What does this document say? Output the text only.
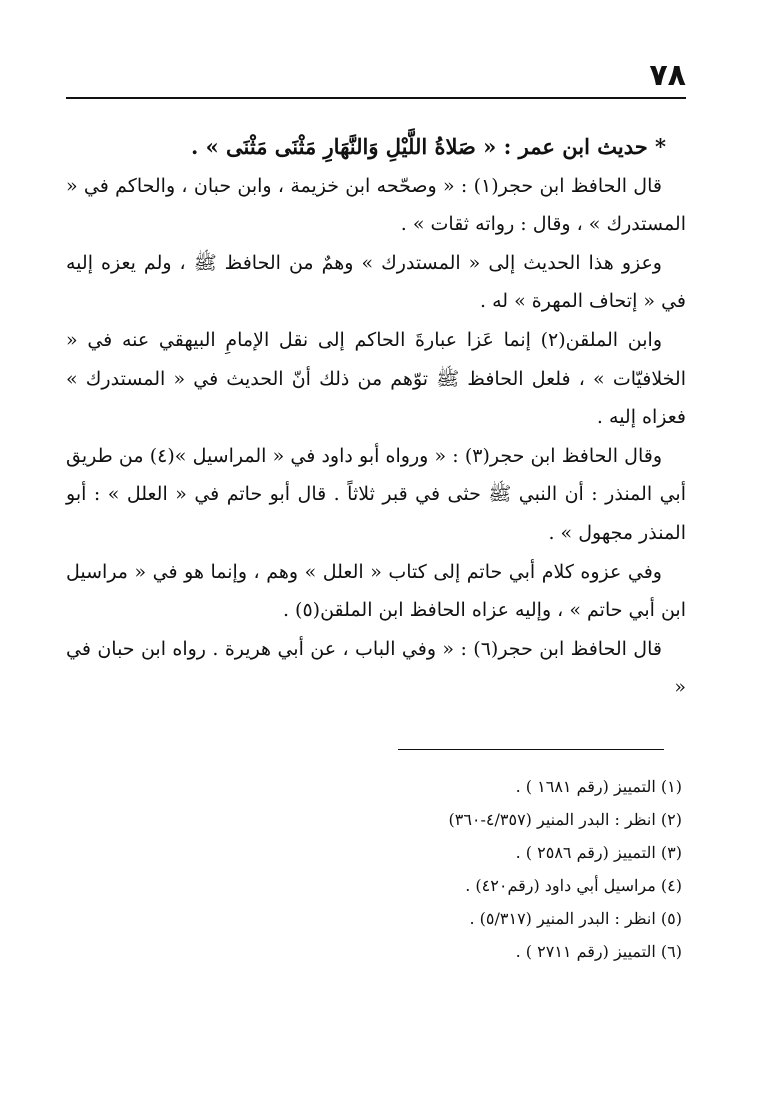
٧٨

* حديث ابن عمر : « صَلاةُ اللَّيْلِ وَالنَّهَارِ مَثْنَى مَثْنَى » .

قال الحافظ ابن حجر(١) : « وصحّحه ابن خزيمة ، وابن حبان ، والحاكم في « المستدرك » ، وقال : رواته ثقات » .

وعزو هذا الحديث إلى « المستدرك » وهمٌ من الحافظ ﷺ ، ولم يعزه إليه في « إتحاف المهرة » له .

وابن الملقن(٢) إنما عَزا عبارةَ الحاكم إلى نقل الإمامِ البيهقي عنه في « الخلافيّات » ، فلعل الحافظ ﷺ توّهم من ذلك أنّ الحديث في « المستدرك » فعزاه إليه .

وقال الحافظ ابن حجر(٣) : « ورواه أبو داود في « المراسيل »(٤) من طريق أبي المنذر : أن النبي ﷺ حثى في قبر ثلاثاً . قال أبو حاتم في « العلل » : أبو المنذر مجهول » .

وفي عزوه كلام أبي حاتم إلى كتاب « العلل » وهم ، وإنما هو في « مراسيل ابن أبي حاتم » ، وإليه عزاه الحافظ ابن الملقن(٥) .

قال الحافظ ابن حجر(٦) : « وفي الباب ، عن أبي هريرة . رواه ابن حبان في «

(١) التمييز (رقم ١٦٨١ ) .
(٢) انظر : البدر المنير (٤/٣٥٧-٣٦٠)
(٣) التمييز (رقم ٢٥٨٦ ) .
(٤) مراسيل أبي داود (رقم٤٢٠) .
(٥) انظر : البدر المنير (٥/٣١٧) .
(٦) التمييز (رقم ٢٧١١ ) .
